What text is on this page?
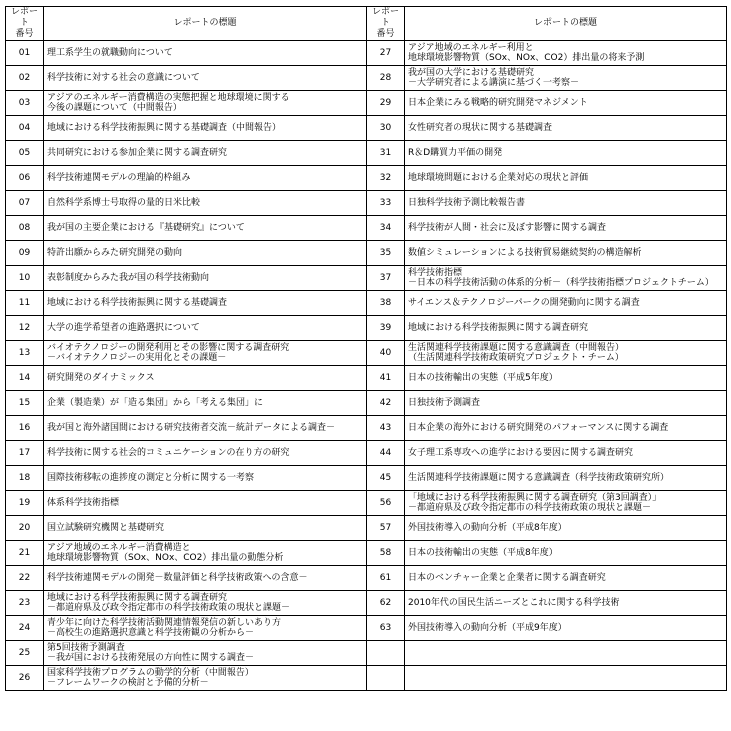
レポート
番号	レポートの標題	レポート
番号	レポートの標題
01	理工系学生の就職動向について	27	アジア地域のエネルギー利用と
地球環境影響物質（SOx、NOx、CO2）排出量の将来予測

02	科学技術に対する社会の意識について	28	我が国の大学における基礎研究
－大学研究者による講演に基づく一考察－

03	アジアのエネルギー消費構造の実態把握と地球環境に関する
今後の課題について（中間報告）	29	日本企業にみる戦略的研究開発マネジメント

04	地域における科学技術振興に関する基礎調査（中間報告）	30	女性研究者の現状に関する基礎調査

05	共同研究における参加企業に関する調査研究	31	R＆D購買力平価の開発

06	科学技術連関モデルの理論的枠組み	32	地球環境問題における企業対応の現状と評価

07	自然科学系博士号取得の量的日米比較	33	日独科学技術予測比較報告書

08	我が国の主要企業における『基礎研究』について	34	科学技術が人間・社会に及ぼす影響に関する調査

09	特許出願からみた研究開発の動向	35	数値シミュレーションによる技術貿易継続契約の構造解析

10	表彰制度からみた我が国の科学技術動向	37	科学技術指標
－日本の科学技術活動の体系的分析－（科学技術指標プロジェクトチーム）

11	地域における科学技術振興に関する基礎調査	38	サイエンス＆テクノロジーパークの開発動向に関する調査

12	大学の進学希望者の進路選択について	39	地域における科学技術振興に関する調査研究

13	バイオテクノロジーの開発利用とその影響に関する調査研究
－バイオテクノロジーの実用化とその課題－	40	生活関連科学技術課題に関する意識調査（中間報告）
（生活関連科学技術政策研究プロジェクト・チーム）

14	研究開発のダイナミックス	41	日本の技術輸出の実態（平成5年度）

15	企業（製造業）が「造る集団」から「考える集団」に	42	日独技術予測調査

16	我が国と海外諸国間における研究技術者交流－統計データによる調査－	43	日本企業の海外における研究開発のパフォーマンスに関する調査

17	科学技術に関する社会的コミュニケーションの在り方の研究	44	女子理工系専攻への進学における要因に関する調査研究

18	国際技術移転の進捗度の測定と分析に関する一考察	45	生活関連科学技術課題に関する意識調査（科学技術政策研究所）

19	体系科学技術指標	56	「地域における科学技術振興に関する調査研究（第3回調査）」
－都道府県及び政令指定都市の科学技術政策の現状と課題－

20	国立試験研究機関と基礎研究	57	外国技術導入の動向分析（平成8年度）

21	アジア地域のエネルギー消費構造と
地球環境影響物質（SOx、NOx、CO2）排出量の動態分析	58	日本の技術輸出の実態（平成8年度）

22	科学技術連関モデルの開発－数量評価と科学技術政策への含意－	61	日本のベンチャー企業と企業者に関する調査研究

23	地域における科学技術振興に関する調査研究
－都道府県及び政令指定都市の科学技術政策の現状と課題－	62	2010年代の国民生活ニーズとこれに関する科学技術

24	青少年に向けた科学技術活動関連情報発信の新しいあり方
－高校生の進路選択意識と科学技術観の分析から－	63	外国技術導入の動向分析（平成9年度）

25	第5回技術予測調査
－我が国における技術発展の方向性に関する調査－		

26	国家科学技術プログラムの動学的分析（中間報告）
－フレームワークの検討と予備的分析－		
